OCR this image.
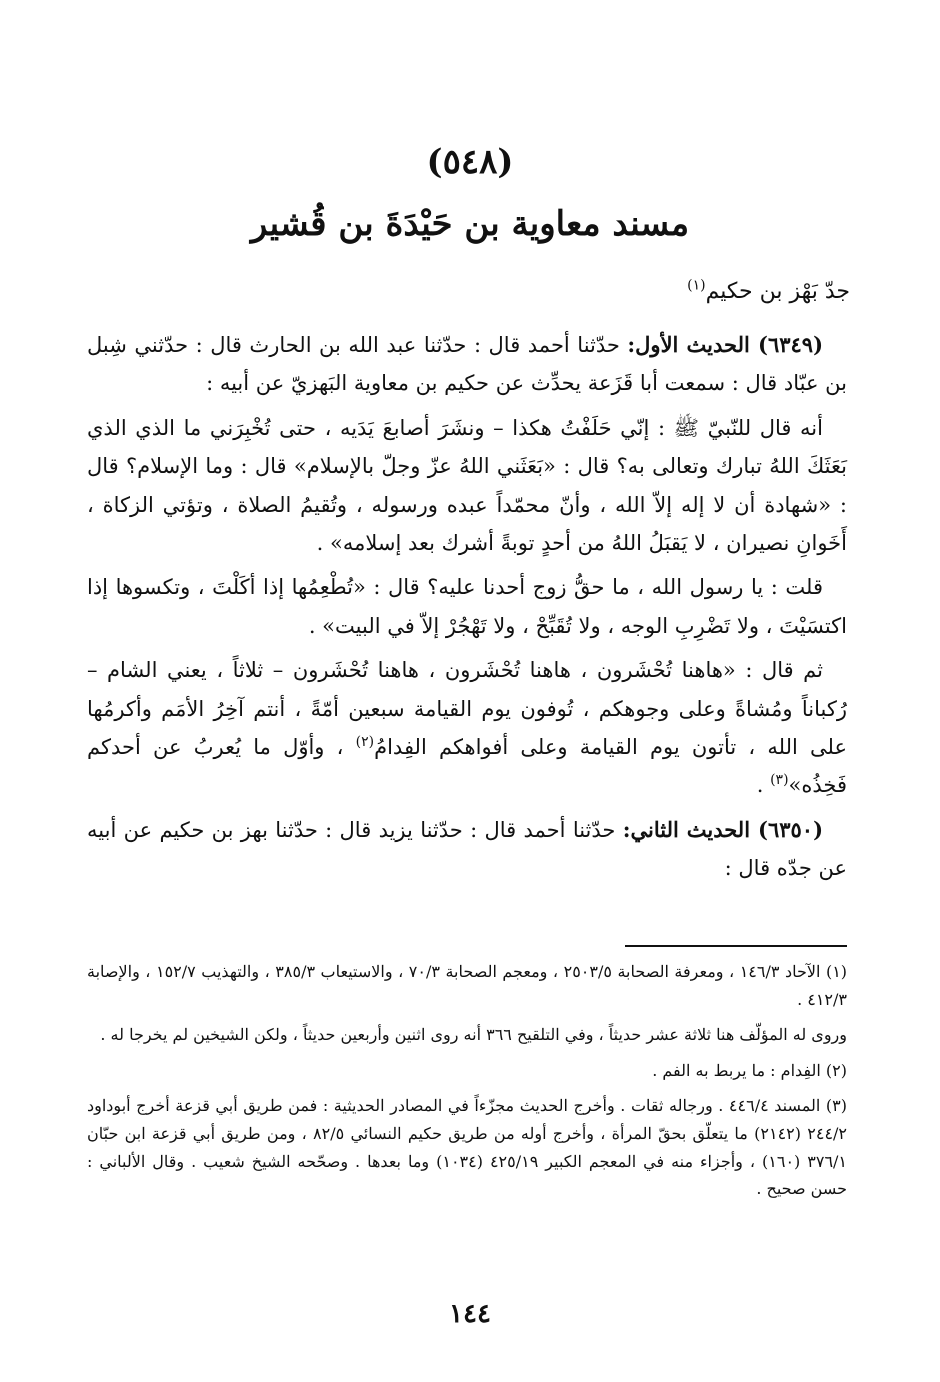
(٥٤٨)
مسند معاوية بن حَيْدَةَ بن قُشير
جدّ بَهْز بن حكيم$^{(١)}$

(٦٣٤٩) الحديث الأول: حدّثنا أحمد قال : حدّثنا عبد الله بن الحارث قال : حدّثني شِبل بن عبّاد قال : سمعت أبا قَزَعة يحدِّث عن حكيم بن معاوية البَهزيّ عن أبيه :

أنه قال للنّبيّ ﷺ : إنّي حَلَفْتُ هكذا – ونشَرَ أصابعَ يَدَيه ، حتى تُخْبِرَني ما الذي الذي بَعَثَكَ اللهُ تبارك وتعالى به؟ قال : «بَعَثَني اللهُ عزّ وجلّ بالإسلام» قال : وما الإسلام؟ قال : «شهادة أن لا إله إلاّ الله ، وأنّ محمّداً عبده ورسوله ، وتُقيمُ الصلاة ، وتؤتي الزكاة ، أَخَوانِ نصيران ، لا يَقبَلُ اللهُ من أحدٍ توبةً أشرك بعد إسلامه» .

قلت : يا رسول الله ، ما حقُّ زوج أحدنا عليه؟ قال : «تُطْعِمُها إذا أكَلْتَ ، وتكسوها إذا اكتسَيْتَ ، ولا تَضْرِبِ الوجه ، ولا تُقَبِّحْ ، ولا تَهْجُرْ إلاّ في البيت» .

ثم قال : «هاهنا تُحْشَرون ، هاهنا تُحْشَرون ، هاهنا تُحْشَرون – ثلاثاً ، يعني الشام – رُكباناً ومُشاةً وعلى وجوهكم ، تُوفون يوم القيامة سبعين أمّةً ، أنتم آخِرُ الأمَم وأكرمُها على الله ، تأتون يوم القيامة وعلى أفواهكم الفِدامُ$^{(٢)}$ ، وأوّل ما يُعربُ عن أحدكم فَخِذُه»$^{(٣)}$ .

(٦٣٥٠) الحديث الثاني: حدّثنا أحمد قال : حدّثنا يزيد قال : حدّثنا بهز بن حكيم عن أبيه عن جدّه قال :

(١) الآحاد ١٤٦/٣ ، ومعرفة الصحابة ٢٥٠٣/٥ ، ومعجم الصحابة ٧٠/٣ ، والاستيعاب ٣٨٥/٣ ، والتهذيب ١٥٢/٧ ، والإصابة ٤١٢/٣ .

وروى له المؤلّف هنا ثلاثة عشر حديثاً ، وفي التلقيح ٣٦٦ أنه روى اثنين وأربعين حديثاً ، ولكن الشيخين لم يخرجا له .

(٢) الفِدام : ما يربط به الفم .

(٣) المسند ٤٤٦/٤ . ورجاله ثقات . وأخرج الحديث مجزّءاً في المصادر الحديثية : فمن طريق أبي قزعة أخرج أبوداود ٢٤٤/٢ (٢١٤٢) ما يتعلّق بحقّ المرأة ، وأخرج أوله من طريق حكيم النسائي ٨٢/٥ ، ومن طريق أبي قزعة ابن حبّان ٣٧٦/١ (١٦٠) ، وأجزاء منه في المعجم الكبير ٤٢٥/١٩ (١٠٣٤) وما بعدها . وصحّحه الشيخ شعيب . وقال الألباني : حسن صحيح .

١٤٤
